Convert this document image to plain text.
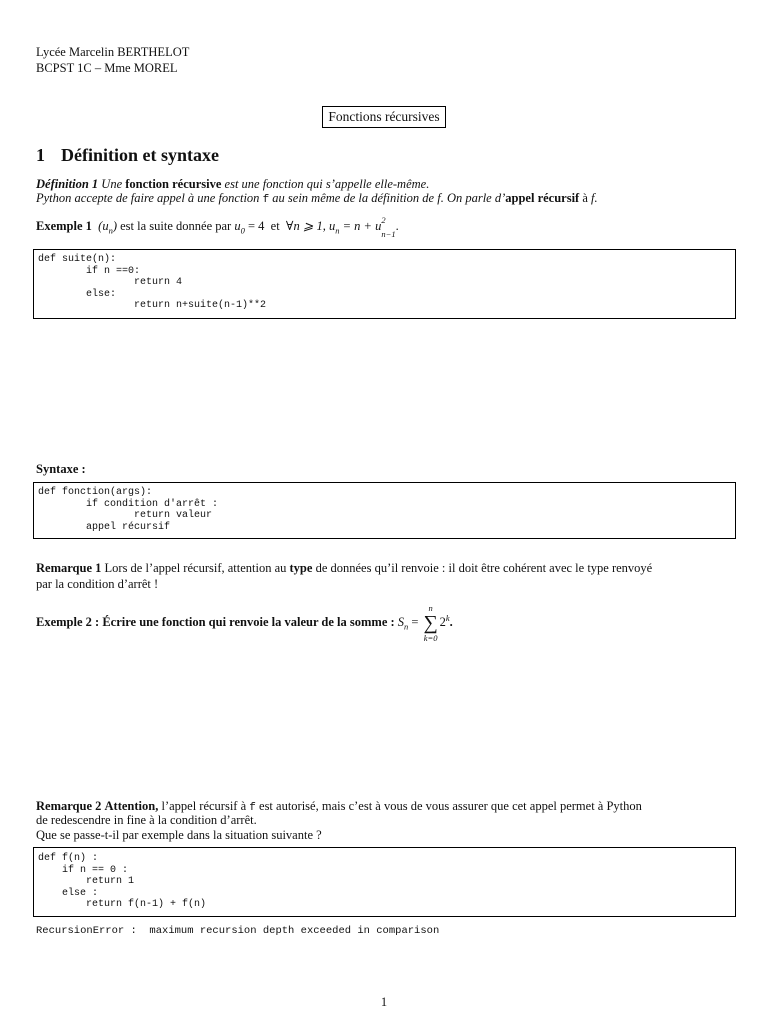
Lycée Marcelin BERTHELOT
BCPST 1C – Mme MOREL
Fonctions récursives
1 Définition et syntaxe
Définition 1 Une fonction récursive est une fonction qui s’appelle elle-même.
Python accepte de faire appel à une fonction f au sein même de la définition de f. On parle d’appel récursif à f.
Exemple 1 $(u_n)$ est la suite donnée par $u_0 = 4$ et ∀n ⩾ 1, $u_n = n + u$ 2
$_{n-1}$.
def suite(n):
if n ==0:
return 4
else:
return n+suite(n-1)**2
Syntaxe :
def fonction(args):
if condition d'arrêt :
return valeur
appel récursif
Remarque 1 Lors de l’appel récursif, attention au type de données qu’il renvoie : il doit être cohérent avec le type renvoyé
par la condition d’arrêt !
Exemple 2 : Écrire une fonction qui renvoie la valeur de la somme : $S_n$ =
n
∑
k=0
2$^k$.
Remarque 2 Attention, l’appel récursif à f est autorisé, mais c’est à vous de vous assurer que cet appel permet à Python
de redescendre in fine à la condition d’arrêt.
Que se passe-t-il par exemple dans la situation suivante ?
def f(n) :
if n == 0 :
return 1
else :
return f(n-1) + f(n)
RecursionError :  maximum recursion depth exceeded in comparison
1
